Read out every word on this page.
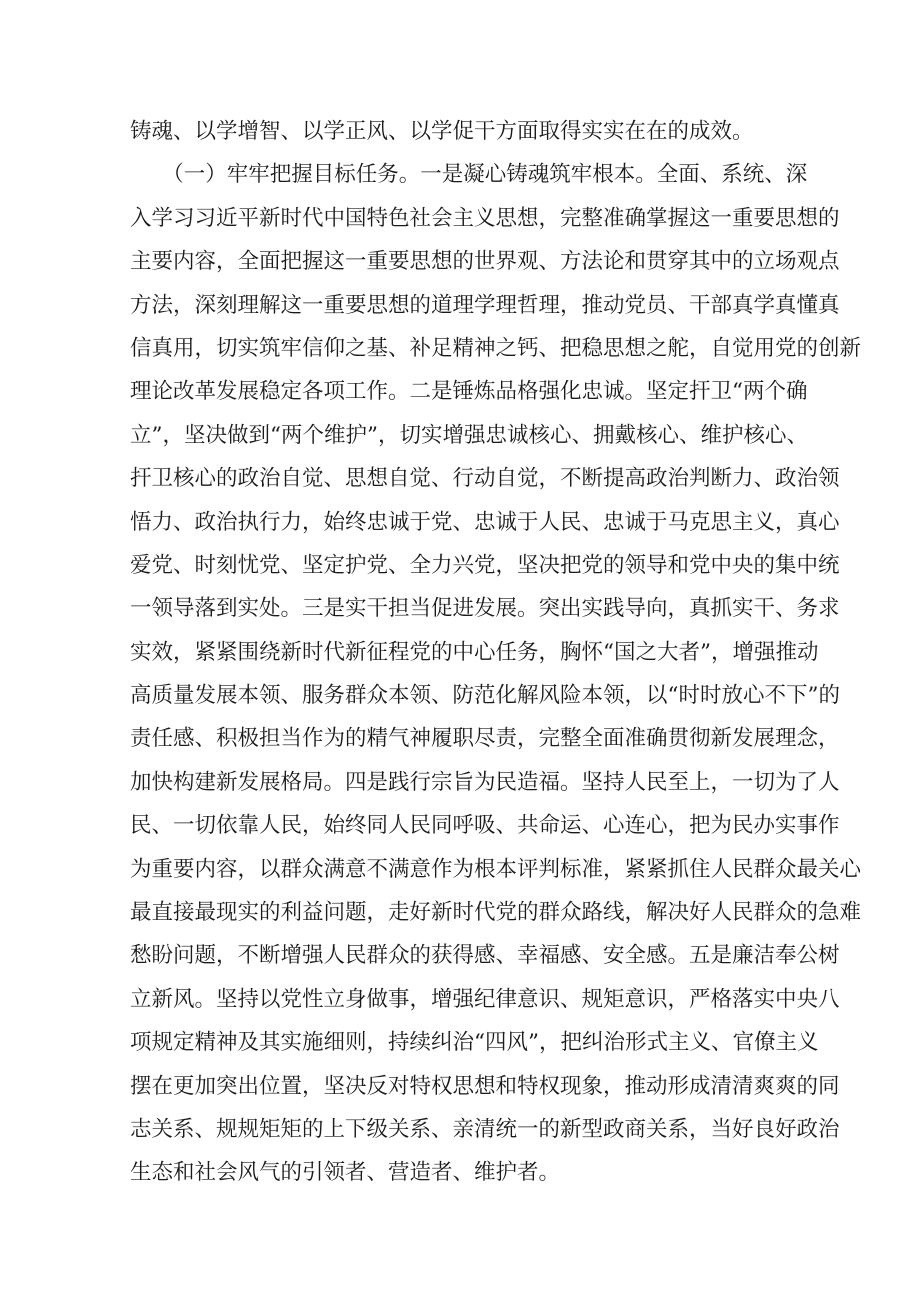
铸魂、以学增智、以学正风、以学促干方面取得实实在在的成效。
　　（一）牢牢把握目标任务。一是凝心铸魂筑牢根本。全面、系统、深
入学习习近平新时代中国特色社会主义思想，完整准确掌握这一重要思想的
主要内容，全面把握这一重要思想的世界观、方法论和贯穿其中的立场观点
方法，深刻理解这一重要思想的道理学理哲理，推动党员、干部真学真懂真
信真用，切实筑牢信仰之基、补足精神之钙、把稳思想之舵，自觉用党的创新
理论改革发展稳定各项工作。二是锤炼品格强化忠诚。坚定扞卫“两个确
立”，坚决做到“两个维护”，切实增强忠诚核心、拥戴核心、维护核心、
扞卫核心的政治自觉、思想自觉、行动自觉，不断提高政治判断力、政治领
悟力、政治执行力，始终忠诚于党、忠诚于人民、忠诚于马克思主义，真心
爱党、时刻忧党、坚定护党、全力兴党，坚决把党的领导和党中央的集中统
一领导落到实处。三是实干担当促进发展。突出实践导向，真抓实干、务求
实效，紧紧围绕新时代新征程党的中心任务，胸怀“国之大者”，增强推动
高质量发展本领、服务群众本领、防范化解风险本领，以“时时放心不下”的
责任感、积极担当作为的精气神履职尽责，完整全面准确贯彻新发展理念，
加快构建新发展格局。四是践行宗旨为民造福。坚持人民至上，一切为了人
民、一切依靠人民，始终同人民同呼吸、共命运、心连心，把为民办实事作
为重要内容，以群众满意不满意作为根本评判标准，紧紧抓住人民群众最关心
最直接最现实的利益问题，走好新时代党的群众路线，解决好人民群众的急难
愁盼问题，不断增强人民群众的获得感、幸福感、安全感。五是廉洁奉公树
立新风。坚持以党性立身做事，增强纪律意识、规矩意识，严格落实中央八
项规定精神及其实施细则，持续纠治“四风”，把纠治形式主义、官僚主义
摆在更加突出位置，坚决反对特权思想和特权现象，推动形成清清爽爽的同
志关系、规规矩矩的上下级关系、亲清统一的新型政商关系，当好良好政治
生态和社会风气的引领者、营造者、维护者。
